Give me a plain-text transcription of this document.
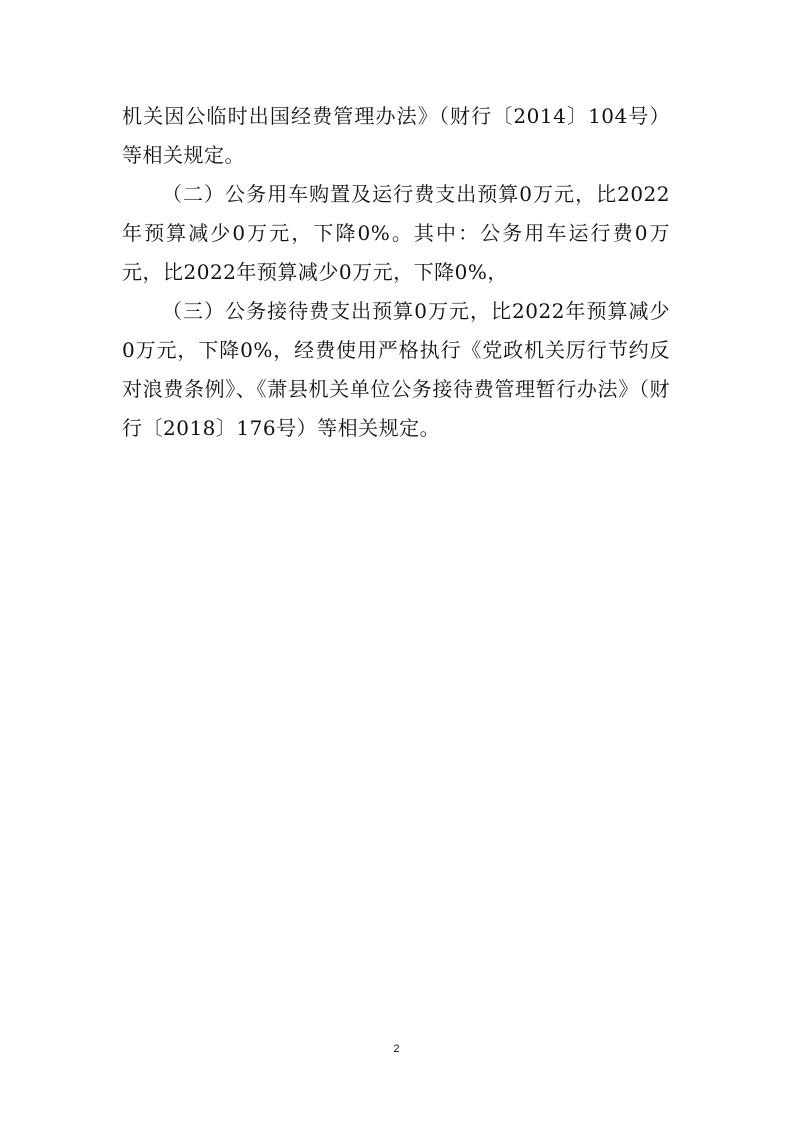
机关因公临时出国经费管理办法》（财行〔2014〕104号）等相关规定。

（二）公务用车购置及运行费支出预算0万元，比2022年预算减少0万元，下降0%。其中：公务用车运行费0万元，比2022年预算减少0万元，下降0%，

（三）公务接待费支出预算0万元，比2022年预算减少0万元，下降0%，经费使用严格执行《党政机关厉行节约反对浪费条例》、《萧县机关单位公务接待费管理暂行办法》（财行〔2018〕176号）等相关规定。

2
